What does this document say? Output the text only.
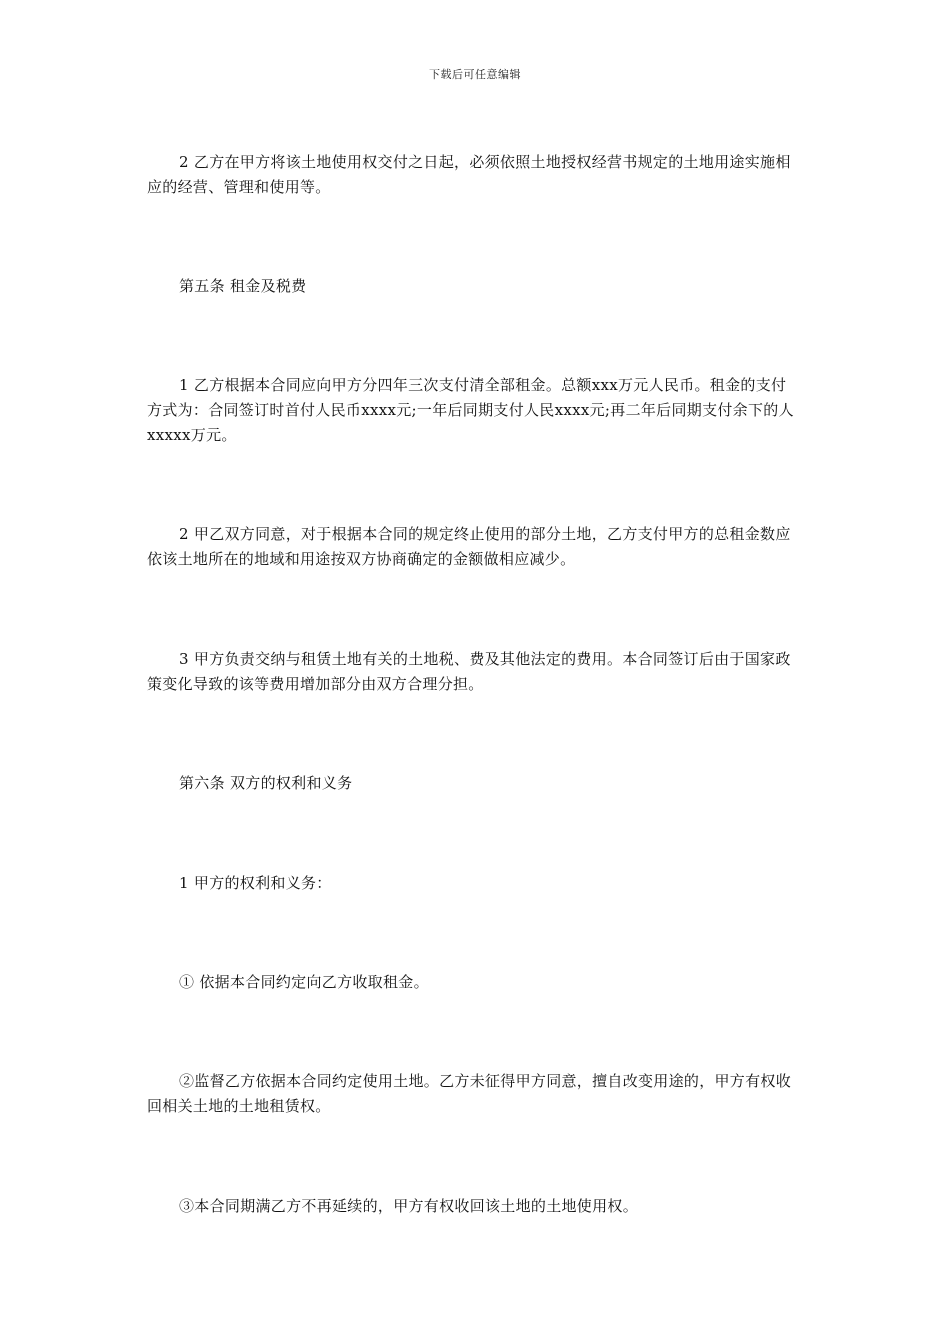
下载后可任意编辑

2 乙方在甲方将该土地使用权交付之日起，必须依照土地授权经营书规定的土地用途实施相应的经营、管理和使用等。

第五条 租金及税费

1 乙方根据本合同应向甲方分四年三次支付清全部租金。总额xxx万元人民币。租金的支付方式为：合同签订时首付人民币xxxx元;一年后同期支付人民xxxx元;再二年后同期支付余下的人xxxxx万元。

2 甲乙双方同意，对于根据本合同的规定终止使用的部分土地，乙方支付甲方的总租金数应依该土地所在的地域和用途按双方协商确定的金额做相应减少。

3 甲方负责交纳与租赁土地有关的土地税、费及其他法定的费用。本合同签订后由于国家政策变化导致的该等费用增加部分由双方合理分担。

第六条 双方的权利和义务

1 甲方的权利和义务：

① 依据本合同约定向乙方收取租金。

②监督乙方依据本合同约定使用土地。乙方未征得甲方同意，擅自改变用途的，甲方有权收回相关土地的土地租赁权。

③本合同期满乙方不再延续的，甲方有权收回该土地的土地使用权。
